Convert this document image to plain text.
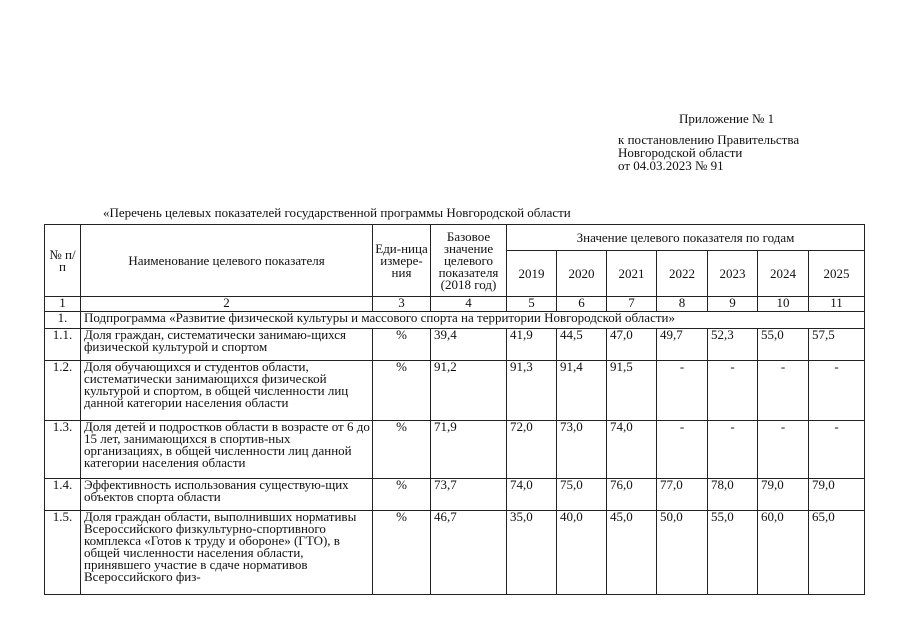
Приложение № 1
к постановлению Правительства
Новгородской области
от 04.03.2023 № 91
«Перечень целевых показателей государственной программы Новгородской области
№ п/п	Наименование целевого показателя	Еди-ница измере-ния	Базовое значение целевого показателя (2018 год)	Значение целевого показателя по годам						
				2019	2020	2021	2022	2023	2024	2025
1	2	3	4	5	6	7	8	9	10	11
1.	Подпрограмма «Развитие физической культуры и массового спорта на территории Новгородской области»									
1.1.	Доля граждан, систематически занимаю-щихся физической культурой и спортом	%	39,4	41,9	44,5	47,0	49,7	52,3	55,0	57,5
1.2.	Доля обучающихся и студентов области, систематически занимающихся физической культурой и спортом, в общей численности лиц данной категории населения области	%	91,2	91,3	91,4	91,5	-	-	-	-
1.3.	Доля детей и подростков области в возрасте от 6 до 15 лет, занимающихся в спортив-ных организациях, в общей численности лиц данной категории населения области	%	71,9	72,0	73,0	74,0	-	-	-	-
1.4.	Эффективность использования существую-щих объектов спорта области	%	73,7	74,0	75,0	76,0	77,0	78,0	79,0	79,0
1.5.	Доля граждан области, выполнивших нормативы Всероссийского физкультурно-спортивного комплекса «Готов к труду и обороне» (ГТО), в общей численности населения области, принявшего участие в сдаче нормативов Всероссийского физ-	%	46,7	35,0	40,0	45,0	50,0	55,0	60,0	65,0
